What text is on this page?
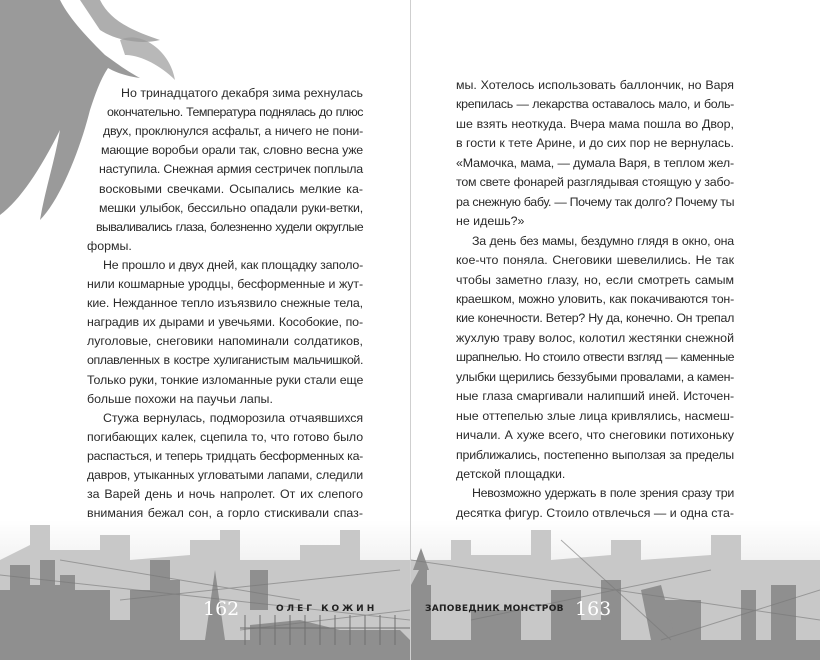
Но тринадцатого декабря зима рехнулась
окончательно. Температура поднялась до плюс
двух, проклюнулся асфальт, а ничего не пони-
мающие воробьи орали так, словно весна уже
наступила. Снежная армия сестричек поплыла
восковыми свечками. Осыпались мелкие ка-
мешки улыбок, бессильно опадали руки-ветки,
вываливались глаза, болезненно худели округлые
формы.
Не прошло и двух дней, как площадку заполо-
нили кошмарные уродцы, бесформенные и жут-
кие. Нежданное тепло изъязвило снежные тела,
наградив их дырами и увечьями. Кособокие, по-
луголовые, снеговики напоминали солдатиков,
оплавленных в костре хулиганистым мальчишкой.
Только руки, тонкие изломанные руки стали еще
больше похожи на паучьи лапы.
Стужа вернулась, подморозила отчаявшихся
погибающих калек, сцепила то, что готово было
распасться, и теперь тридцать бесформенных ка-
давров, утыканных угловатыми лапами, следили
за Варей день и ночь напролет. От их слепого
внимания бежал сон, а горло стискивали спаз-
162	ОЛЕГ КОЖИН
мы. Хотелось использовать баллончик, но Варя
крепилась — лекарства оставалось мало, и боль-
ше взять неоткуда. Вчера мама пошла во Двор,
в гости к тете Арине, и до сих пор не вернулась.
«Мамочка, мама, — думала Варя, в теплом жел-
том свете фонарей разглядывая стоящую у забо-
ра снежную бабу. — Почему так долго? Почему ты
не идешь?»
За день без мамы, бездумно глядя в окно, она
кое-что поняла. Снеговики шевелились. Не так
чтобы заметно глазу, но, если смотреть самым
краешком, можно уловить, как покачиваются тон-
кие конечности. Ветер? Ну да, конечно. Он трепал
жухлую траву волос, колотил жестянки снежной
шрапнелью. Но стоило отвести взгляд — каменные
улыбки щерились беззубыми провалами, а камен-
ные глаза смаргивали налипший иней. Источен-
ные оттепелью злые лица кривлялись, насмеш-
ничали. А хуже всего, что снеговики потихоньку
приближались, постепенно выползая за пределы
детской площадки.
Невозможно удержать в поле зрения сразу три
десятка фигур. Стоило отвлечься — и одна ста-
ЗАПОВЕДНИК МОНСТРОВ 163
